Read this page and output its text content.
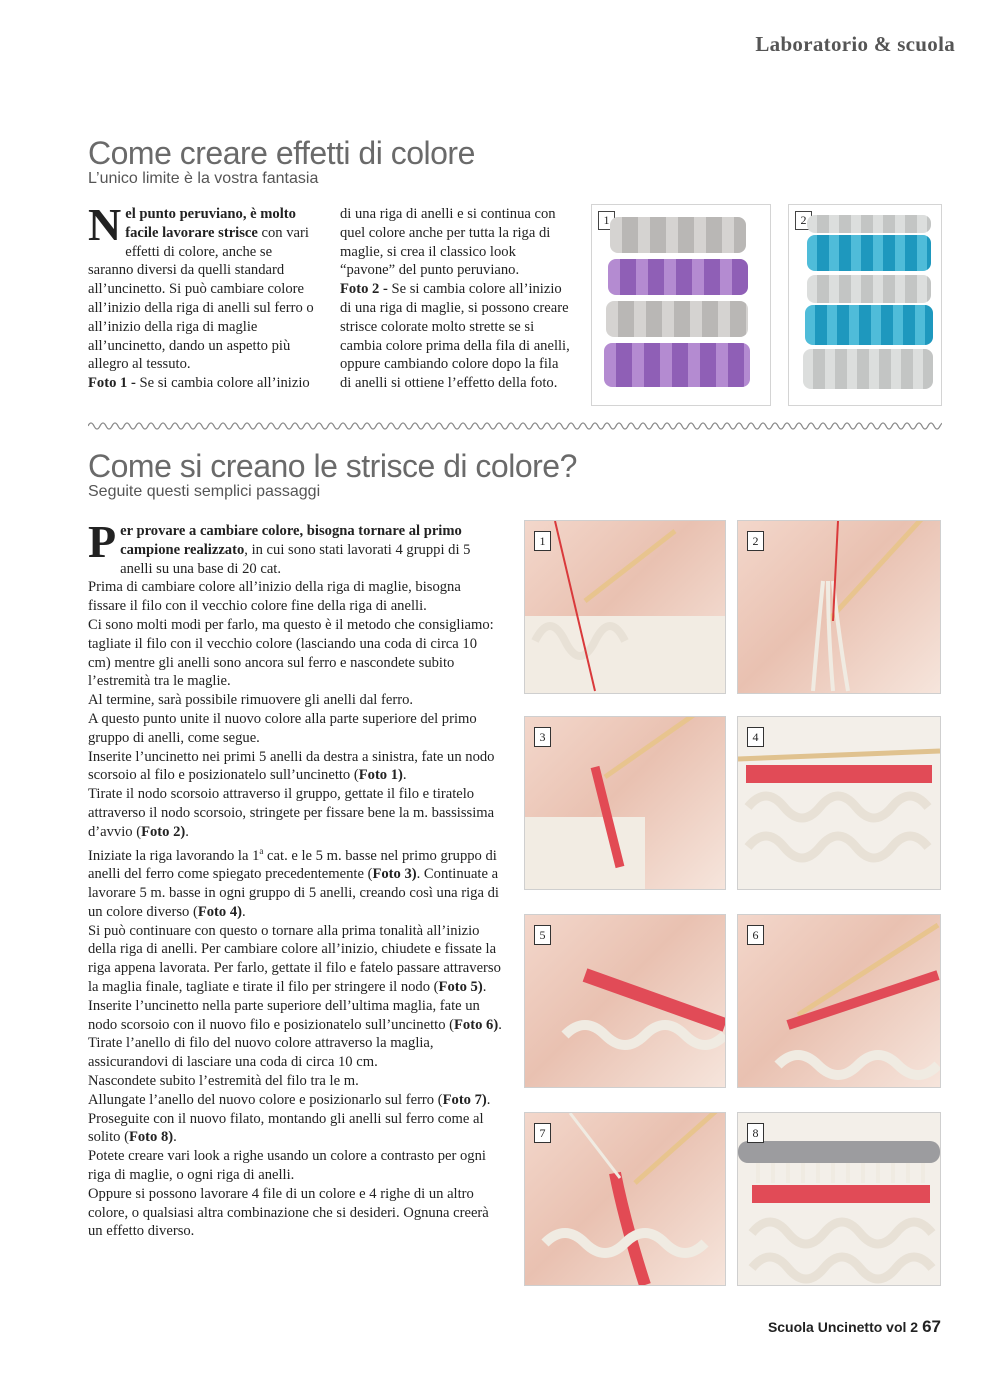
Laboratorio & scuola
Come creare effetti di colore
L’unico limite è la vostra fantasia
Nel punto peruviano, è molto facile lavorare strisce con vari effetti di colore, anche se saranno diversi da quelli standard all’uncinetto. Si può cambiare colore all’inizio della riga di anelli sul ferro o all’inizio della riga di maglie all’uncinetto, dando un aspetto più allegro al tessuto.
Foto 1 - Se si cambia colore all’inizio di una riga di anelli e si continua con quel colore anche per tutta la riga di maglie, si crea il classico look “pavone” del punto peruviano.
Foto 2 - Se si cambia colore all’inizio di una riga di maglie, si possono creare strisce colorate molto strette se si cambia colore prima della fila di anelli, oppure cambiando colore dopo la fila di anelli si ottiene l’effetto della foto.
1	2
Come si creano le strisce di colore?
Seguite questi semplici passaggi
Per provare a cambiare colore, bisogna tornare al primo campione realizzato, in cui sono stati lavorati 4 gruppi di 5 anelli su una base di 20 cat.

Prima di cambiare colore all’inizio della riga di maglie, bisogna fissare il filo con il vecchio colore fine della riga di anelli.

Ci sono molti modi per farlo, ma questo è il metodo che consigliamo: tagliate il filo con il vecchio colore (lasciando una coda di circa 10 cm) mentre gli anelli sono ancora sul ferro e nascondete subito l’estremità tra le maglie.

Al termine, sarà possibile rimuovere gli anelli dal ferro.

A questo punto unite il nuovo colore alla parte superiore del primo gruppo di anelli, come segue.

Inserite l’uncinetto nei primi 5 anelli da destra a sinistra, fate un nodo scorsoio al filo e posizionatelo sull’uncinetto (Foto 1).

Tirate il nodo scorsoio attraverso il gruppo, gettate il filo e tiratelo attraverso il nodo scorsoio, stringete per fissare bene la m. bassissima d’avvio (Foto 2).

Iniziate la riga lavorando la 1$^a$ cat. e le 5 m. basse nel primo gruppo di anelli del ferro come spiegato precedentemente (Foto 3). Continuate a lavorare 5 m. basse in ogni gruppo di 5 anelli, creando così una riga di un colore diverso (Foto 4).

Si può continuare con questo o tornare alla prima tonalità all’inizio della riga di anelli. Per cambiare colore all’inizio, chiudete e fissate la riga appena lavorata. Per farlo, gettate il filo e fatelo passare attraverso la maglia finale, tagliate e tirate il filo per stringere il nodo (Foto 5).

Inserite l’uncinetto nella parte superiore dell’ultima maglia, fate un nodo scorsoio con il nuovo filo e posizionatelo sull’uncinetto (Foto 6).

Tirate l’anello di filo del nuovo colore attraverso la maglia, assicurandovi di lasciare una coda di circa 10 cm.

Nascondete subito l’estremità del filo tra le m.

Allungate l’anello del nuovo colore e posizionarlo sul ferro (Foto 7).

Proseguite con il nuovo filato, montando gli anelli sul ferro come al solito (Foto 8).

Potete creare vari look a righe usando un colore a contrasto per ogni riga di maglie, o ogni riga di anelli.

Oppure si possono lavorare 4 file di un colore e 4 righe di un altro colore, o qualsiasi altra combinazione che si desideri. Ognuna creerà un effetto diverso.

1	2
3	4
5	6
7	8
Scuola Uncinetto vol 2 67
